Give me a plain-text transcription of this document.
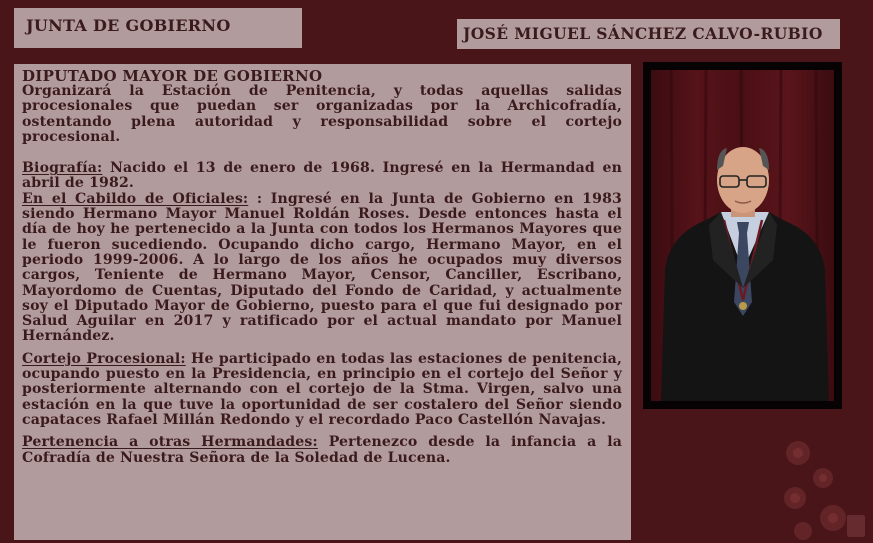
JUNTA DE GOBIERNO	JOSÉ MIGUEL SÁNCHEZ CALVO-RUBIO

DIPUTADO MAYOR DE GOBIERNO

Organizará la Estación de Penitencia, y todas aquellas salidas procesionales que puedan ser organizadas por la Archicofradía, ostentando plena autoridad y responsabilidad sobre el cortejo procesional.

Biografía: Nacido el 13 de enero de 1968. Ingresé en la Hermandad en abril de 1982.

En el Cabildo de Oficiales: : Ingresé en la Junta de Gobierno en 1983 siendo Hermano Mayor Manuel Roldán Roses. Desde entonces hasta el día de hoy he pertenecido a la Junta con todos los Hermanos Mayores que le fueron sucediendo. Ocupando dicho cargo, Hermano Mayor, en el periodo 1999-2006. A lo largo de los años he ocupados muy diversos cargos, Teniente de Hermano Mayor, Censor, Canciller, Escribano, Mayordomo de Cuentas, Diputado del Fondo de Caridad, y actualmente soy el Diputado Mayor de Gobierno, puesto para el que fui designado por Salud Aguilar en 2017 y ratificado por el actual mandato por Manuel Hernández.

Cortejo Procesional: He participado en todas las estaciones de penitencia, ocupando puesto en la Presidencia, en principio en el cortejo del Señor y posteriormente alternando con el cortejo de la Stma. Virgen, salvo una estación en la que tuve la oportunidad de ser costalero del Señor siendo capataces Rafael Millán Redondo y el recordado Paco Castellón Navajas.

Pertenencia a otras Hermandades: Pertenezco desde la infancia a la Cofradía de Nuestra Señora de la Soledad de Lucena.
